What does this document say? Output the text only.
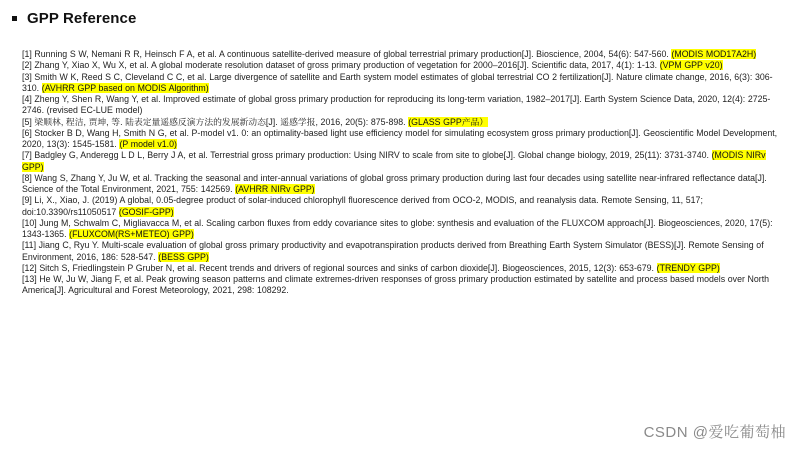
GPP Reference

[1] Running S W, Nemani R R, Heinsch F A, et al. A continuous satellite-derived measure of global terrestrial primary production[J]. Bioscience, 2004, 54(6): 547-560. (MODIS MOD17A2H)

[2] Zhang Y, Xiao X, Wu X, et al. A global moderate resolution dataset of gross primary production of vegetation for 2000–2016[J]. Scientific data, 2017, 4(1): 1-13. (VPM GPP v20)

[3] Smith W K, Reed S C, Cleveland C C, et al. Large divergence of satellite and Earth system model estimates of global terrestrial CO 2 fertilization[J]. Nature climate change, 2016, 6(3): 306-310. (AVHRR GPP based on MODIS Algorithm)

[4] Zheng Y, Shen R, Wang Y, et al. Improved estimate of global gross primary production for reproducing its long-term variation, 1982–2017[J]. Earth System Science Data, 2020, 12(4): 2725-2746. (revised EC-LUE model)

[5] 梁顺林, 程洁, 贾坤, 等. 陆表定量遥感反演方法的发展新动态[J]. 遥感学报, 2016, 20(5): 875-898. (GLASS GPP产品）

[6] Stocker B D, Wang H, Smith N G, et al. P-model v1. 0: an optimality-based light use efficiency model for simulating ecosystem gross primary production[J]. Geoscientific Model Development, 2020, 13(3): 1545-1581. (P model v1.0)

[7] Badgley G, Anderegg L D L, Berry J A, et al. Terrestrial gross primary production: Using NIRV to scale from site to globe[J]. Global change biology, 2019, 25(11): 3731-3740. (MODIS NIRv GPP)

[8] Wang S, Zhang Y, Ju W, et al. Tracking the seasonal and inter-annual variations of global gross primary production during last four decades using satellite near-infrared reflectance data[J]. Science of the Total Environment, 2021, 755: 142569. (AVHRR NIRv GPP)

[9] Li, X., Xiao, J. (2019) A global, 0.05-degree product of solar-induced chlorophyll fluorescence derived from OCO-2, MODIS, and reanalysis data. Remote Sensing, 11, 517; doi:10.3390/rs11050517 (GOSIF-GPP)

[10] Jung M, Schwalm C, Migliavacca M, et al. Scaling carbon fluxes from eddy covariance sites to globe: synthesis and evaluation of the FLUXCOM approach[J]. Biogeosciences, 2020, 17(5): 1343-1365. (FLUXCOM(RS+METEO) GPP)

[11] Jiang C, Ryu Y. Multi-scale evaluation of global gross primary productivity and evapotranspiration products derived from Breathing Earth System Simulator (BESS)[J]. Remote Sensing of Environment, 2016, 186: 528-547. (BESS GPP)

[12] Sitch S, Friedlingstein P Gruber N, et al. Recent trends and drivers of regional sources and sinks of carbon dioxide[J]. Biogeosciences, 2015, 12(3): 653-679. (TRENDY GPP)

[13] He W, Ju W, Jiang F, et al. Peak growing season patterns and climate extremes-driven responses of gross primary production estimated by satellite and process based models over North America[J]. Agricultural and Forest Meteorology, 2021, 298: 108292.

CSDN @爱吃葡萄柚
